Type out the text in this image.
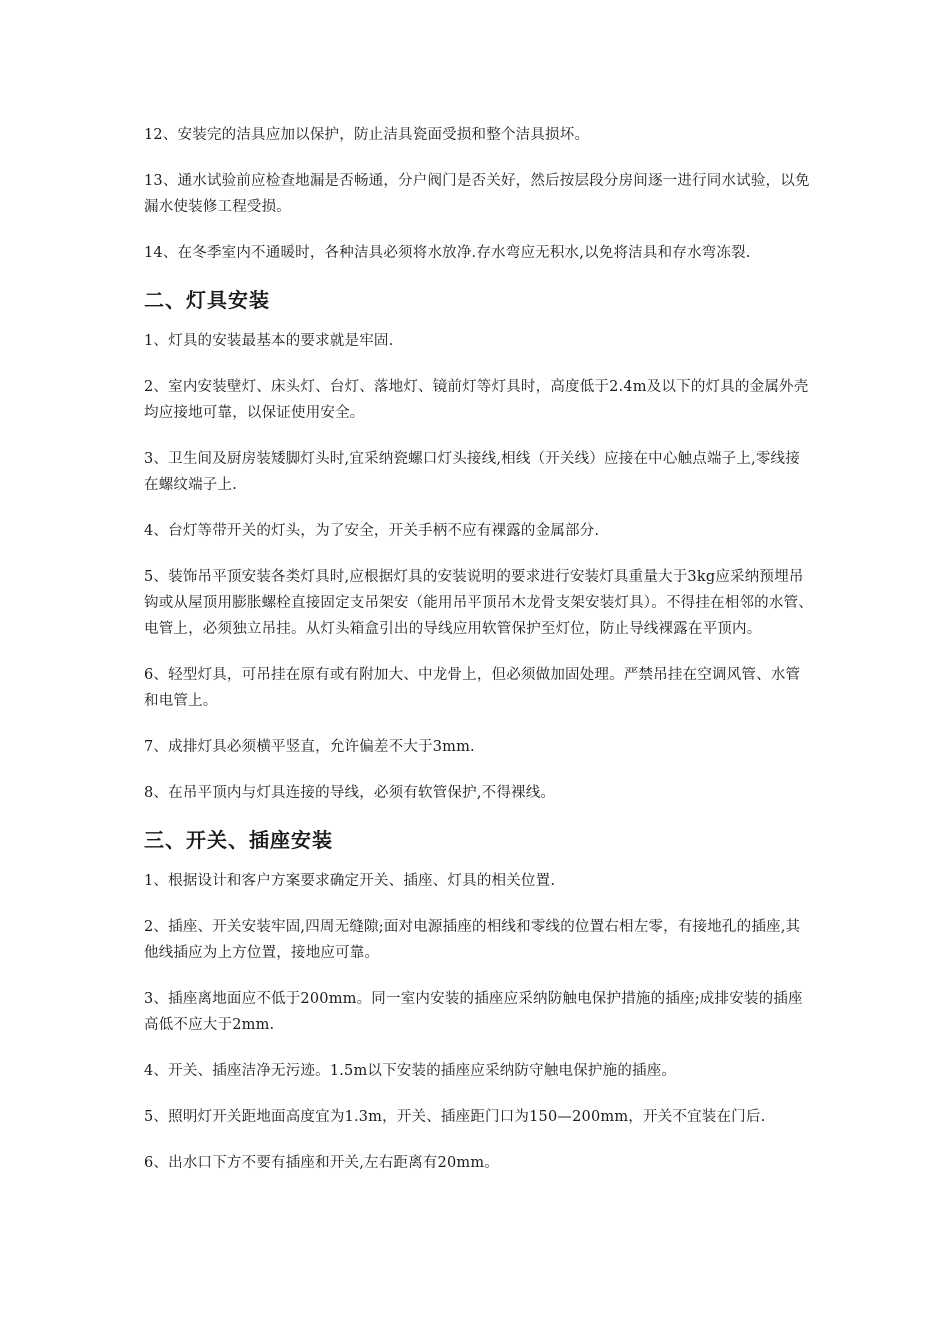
12、安装完的洁具应加以保护，防止洁具瓷面受损和整个洁具损坏。

13、通水试验前应检查地漏是否畅通，分户阀门是否关好，然后按层段分房间逐一进行同水试验，以免漏水使装修工程受损。

14、在冬季室内不通暖时，各种洁具必须将水放净.存水弯应无积水,以免将洁具和存水弯冻裂.

二、灯具安装

1、灯具的安装最基本的要求就是牢固.

2、室内安装壁灯、床头灯、台灯、落地灯、镜前灯等灯具时，高度低于2.4m及以下的灯具的金属外壳均应接地可靠，以保证使用安全。

3、卫生间及厨房装矮脚灯头时,宜采纳瓷螺口灯头接线,相线（开关线）应接在中心触点端子上,零线接在螺纹端子上.

4、台灯等带开关的灯头，为了安全，开关手柄不应有裸露的金属部分.

5、装饰吊平顶安装各类灯具时,应根据灯具的安装说明的要求进行安装灯具重量大于3kg应采纳预埋吊钩或从屋顶用膨胀螺栓直接固定支吊架安（能用吊平顶吊木龙骨支架安装灯具）。不得挂在相邻的水管、电管上，必须独立吊挂。从灯头箱盒引出的导线应用软管保护至灯位，防止导线裸露在平顶内。

6、轻型灯具，可吊挂在原有或有附加大、中龙骨上，但必须做加固处理。严禁吊挂在空调风管、水管和电管上。

7、成排灯具必须横平竖直，允许偏差不大于3mm.

8、在吊平顶内与灯具连接的导线，必须有软管保护,不得裸线。

三、开关、插座安装

1、根据设计和客户方案要求确定开关、插座、灯具的相关位置.

2、插座、开关安装牢固,四周无缝隙;面对电源插座的相线和零线的位置右相左零，有接地孔的插座,其他线插应为上方位置，接地应可靠。

3、插座离地面应不低于200mm。同一室内安装的插座应采纳防触电保护措施的插座;成排安装的插座高低不应大于2mm.

4、开关、插座洁净无污迹。1.5m以下安装的插座应采纳防守触电保护施的插座。

5、照明灯开关距地面高度宜为1.3m，开关、插座距门口为150—200mm，开关不宜装在门后.

6、出水口下方不要有插座和开关,左右距离有20mm。
